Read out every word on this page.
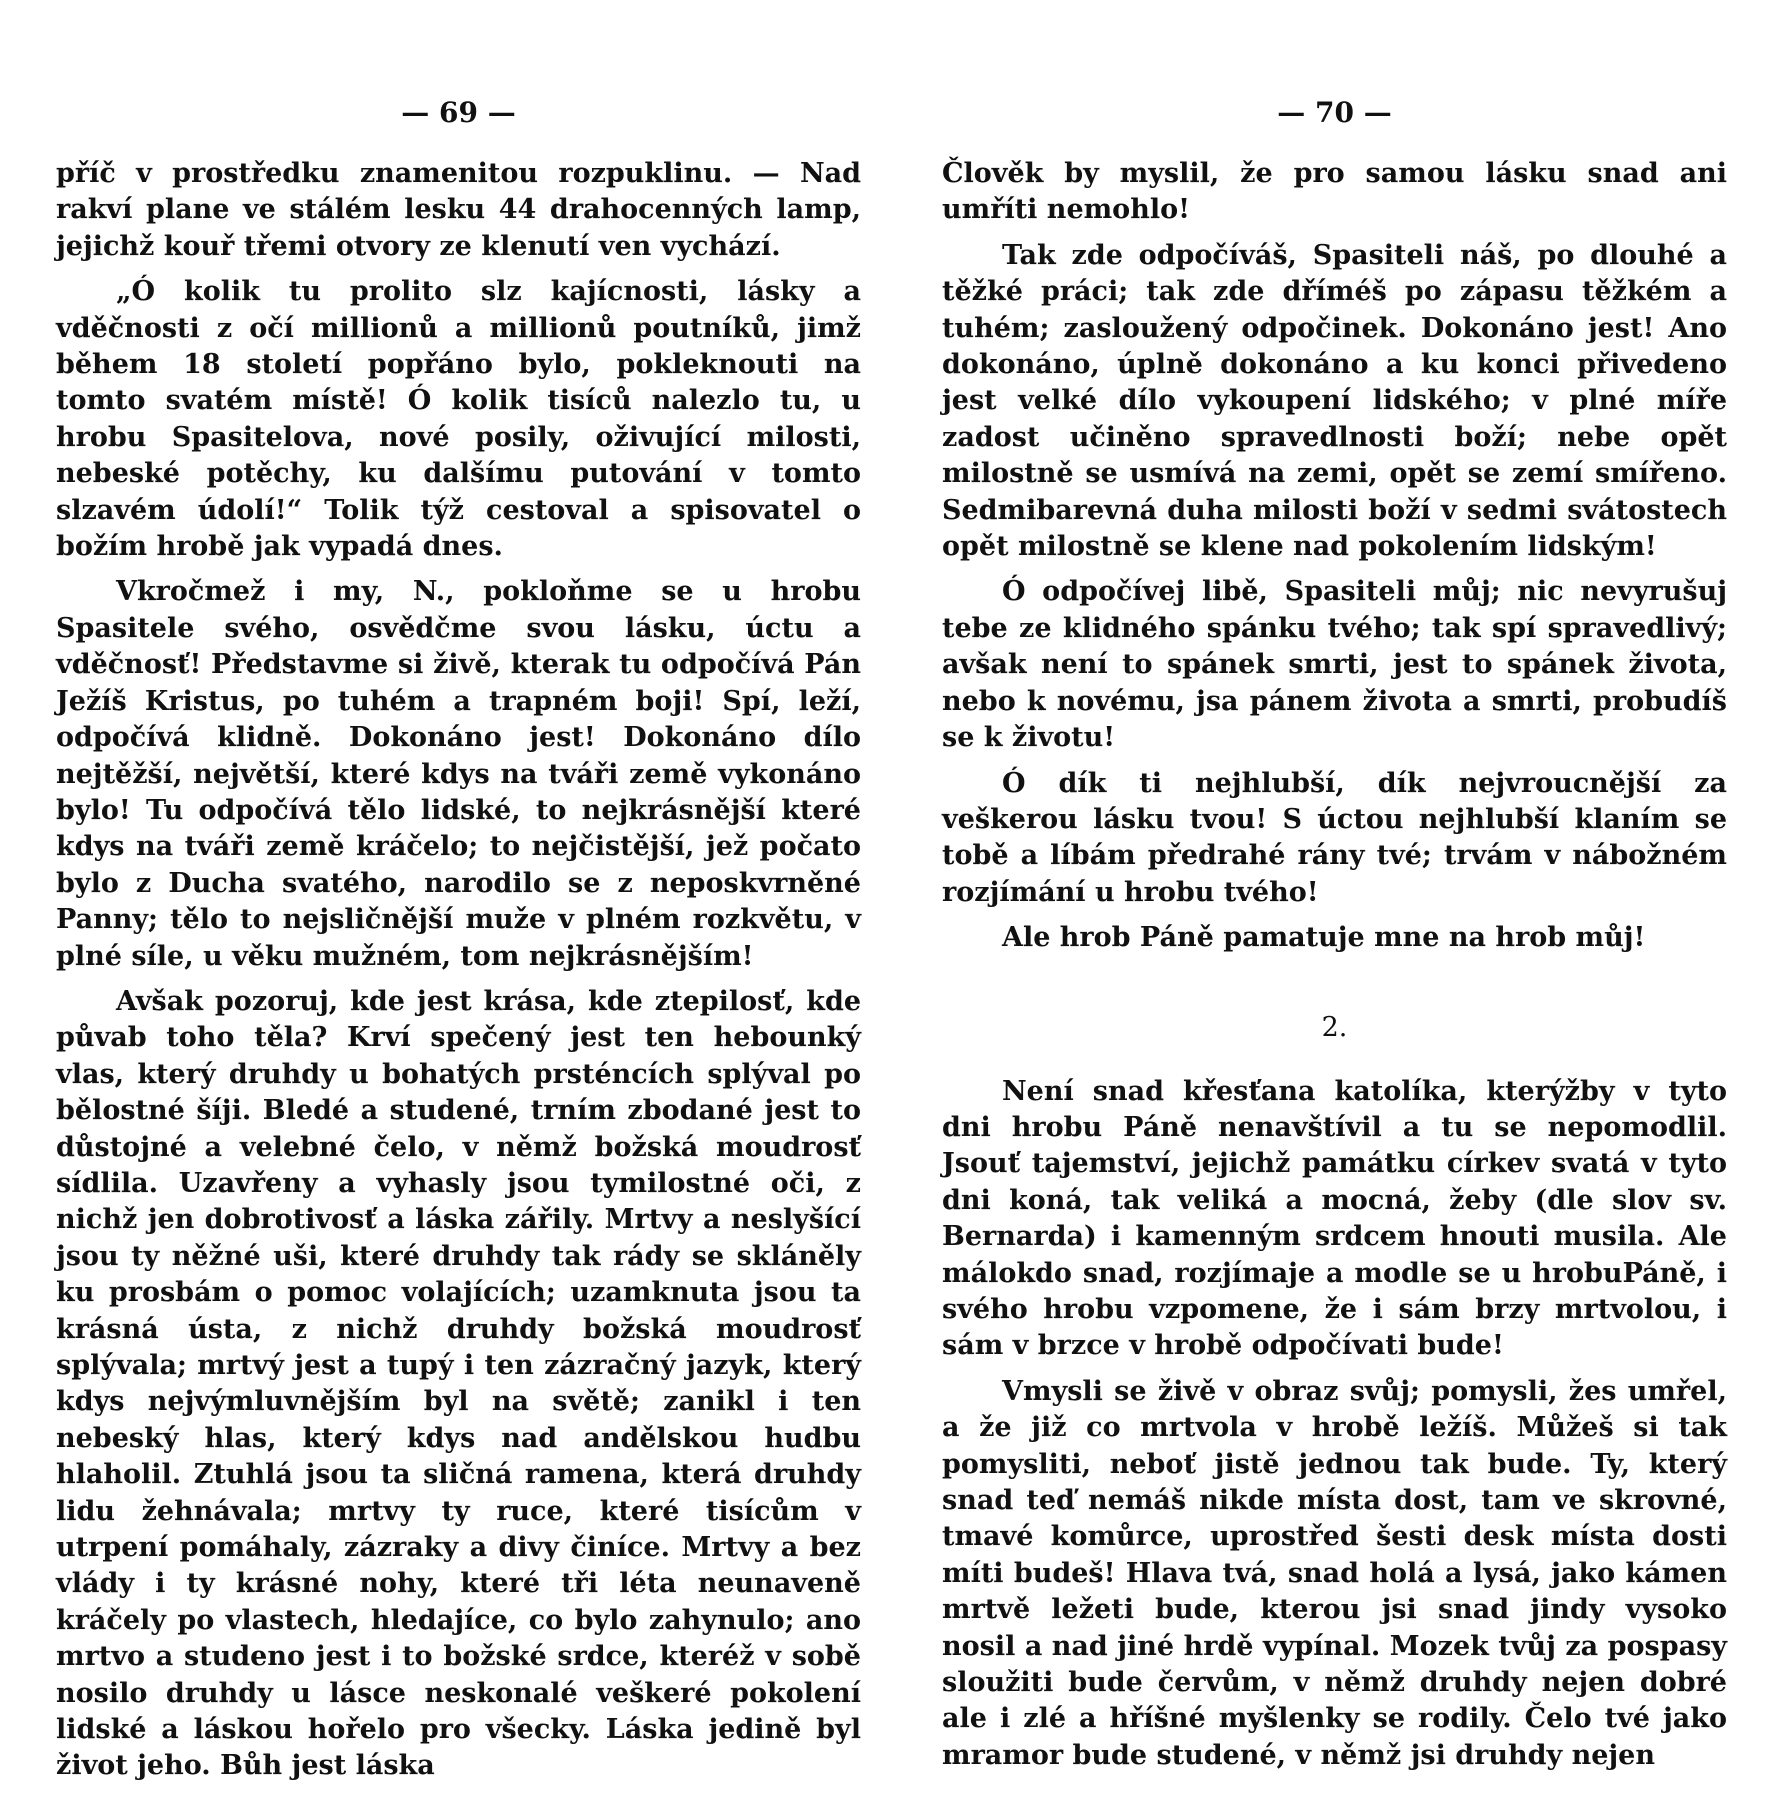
— 69 —

příč v prostředku znamenitou rozpuklinu. — Nad rakví plane ve stálém lesku 44 drahocenných lamp, jejichž kouř třemi otvory ze klenutí ven vychází.

„Ó kolik tu prolito slz kajícnosti, lásky a vděčnosti z očí millionů a millionů poutníků, jimž během 18 století popřáno bylo, pokleknouti na tomto svatém místě! Ó kolik tisíců nalezlo tu, u hrobu Spasitelova, nové posily, oživující milosti, nebeské potěchy, ku dalšímu putování v tomto slzavém údolí!“ Tolik týž cestoval a spisovatel o božím hrobě jak vypadá dnes.

Vkročmež i my, N., pokloňme se u hrobu Spasitele svého, osvědčme svou lásku, úctu a vděčnosť! Představme si živě, kterak tu odpočívá Pán Ježíš Kristus, po tuhém a trapném boji! Spí, leží, odpočívá klidně. Dokonáno jest! Dokonáno dílo nejtěžší, největší, které kdys na tváři země vykonáno bylo! Tu odpočívá tělo lidské, to nejkrásnější které kdys na tváři země kráčelo; to nejčistější, jež počato bylo z Ducha svatého, narodilo se z neposkvrněné Panny; tělo to nejsličnější muže v plném rozkvětu, v plné síle, u věku mužném, tom nejkrásnějším!

Avšak pozoruj, kde jest krása, kde ztepilosť, kde půvab toho těla? Krví spečený jest ten hebounký vlas, který druhdy u bohatých prsténcích splýval po bělostné šíji. Bledé a studené, trním zbodané jest to důstojné a velebné čelo, v němž božská moudrosť sídlila. Uzavřeny a vyhasly jsou tymilostné oči, z nichž jen dobrotivosť a láska zářily. Mrtvy a neslyšící jsou ty něžné uši, které druhdy tak rády se skláněly ku prosbám o pomoc volajících; uzamknuta jsou ta krásná ústa, z nichž druhdy božská moudrosť splývala; mrtvý jest a tupý i ten zázračný jazyk, který kdys nejvýmluvnějším byl na světě; zanikl i ten nebeský hlas, který kdys nad andělskou hudbu hlaholil. Ztuhlá jsou ta sličná ramena, která druhdy lidu žehnávala; mrtvy ty ruce, které tisícům v utrpení pomáhaly, zázraky a divy činíce. Mrtvy a bez vlády i ty krásné nohy, které tři léta neunaveně kráčely po vlastech, hledajíce, co bylo zahynulo; ano mrtvo a studeno jest i to božské srdce, kteréž v sobě nosilo druhdy u lásce neskonalé veškeré pokolení lidské a láskou hořelo pro všecky. Láska jedině byl život jeho. Bůh jest láska

— 70 —

Člověk by myslil, že pro samou lásku snad ani umříti nemohlo!

Tak zde odpočíváš, Spasiteli náš, po dlouhé a těžké práci; tak zde dříméš po zápasu těžkém a tuhém; zasloužený odpočinek. Dokonáno jest! Ano dokonáno, úplně dokonáno a ku konci přivedeno jest velké dílo vykoupení lidského; v plné míře zadost učiněno spravedlnosti boží; nebe opět milostně se usmívá na zemi, opět se zemí smířeno. Sedmibarevná duha milosti boží v sedmi svátostech opět milostně se klene nad pokolením lidským!

Ó odpočívej libě, Spasiteli můj; nic nevyrušuj tebe ze klidného spánku tvého; tak spí spravedlivý; avšak není to spánek smrti, jest to spánek života, nebo k novému, jsa pánem života a smrti, probudíš se k životu!

Ó dík ti nejhlubší, dík nejvroucnější za veškerou lásku tvou! S úctou nejhlubší klaním se tobě a líbám předrahé rány tvé; trvám v nábožném rozjímání u hrobu tvého!

Ale hrob Páně pamatuje mne na hrob můj!

2.

Není snad křesťana katolíka, kterýžby v tyto dni hrobu Páně nenavštívil a tu se nepomodlil. Jsouť tajemství, jejichž památku církev svatá v tyto dni koná, tak veliká a mocná, žeby (dle slov sv. Bernarda) i kamenným srdcem hnouti musila. Ale málokdo snad, rozjímaje a modle se u hrobuPáně, i svého hrobu vzpomene, že i sám brzy mrtvolou, i sám v brzce v hrobě odpočívati bude!

Vmysli se živě v obraz svůj; pomysli, žes umřel, a že již co mrtvola v hrobě ležíš. Můžeš si tak pomysliti, neboť jistě jednou tak bude. Ty, který snad teď nemáš nikde místa dost, tam ve skrovné, tmavé komůrce, uprostřed šesti desk místa dosti míti budeš! Hlava tvá, snad holá a lysá, jako kámen mrtvě ležeti bude, kterou jsi snad jindy vysoko nosil a nad jiné hrdě vypínal. Mozek tvůj za pospasy sloužiti bude červům, v němž druhdy nejen dobré ale i zlé a hříšné myšlenky se rodily. Čelo tvé jako mramor bude studené, v němž jsi druhdy nejen
